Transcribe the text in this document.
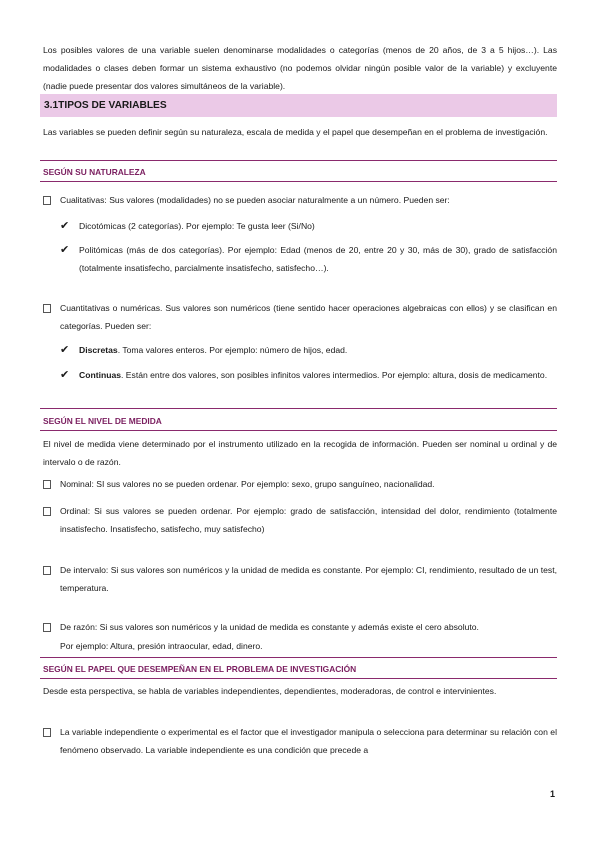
Los posibles valores de una variable suelen denominarse modalidades o categorías (menos de 20 años, de 3 a 5 hijos…). Las modalidades o clases deben formar un sistema exhaustivo (no podemos olvidar ningún posible valor de la variable) y excluyente (nadie puede presentar dos valores simultáneos de la variable).
3.1TIPOS DE VARIABLES
Las variables se pueden definir según su naturaleza, escala de medida y el papel que desempeñan en el problema de investigación.
SEGÚN SU NATURALEZA
Cualitativas: Sus valores (modalidades) no se pueden asociar naturalmente a un número. Pueden ser:
✔ Dicotómicas (2 categorías). Por ejemplo: Te gusta leer (Si/No)
✔ Politómicas (más de dos categorías). Por ejemplo: Edad (menos de 20, entre 20 y 30, más de 30), grado de satisfacción (totalmente insatisfecho, parcialmente insatisfecho, satisfecho…).
Cuantitativas o numéricas. Sus valores son numéricos (tiene sentido hacer operaciones algebraicas con ellos) y se clasifican en categorías. Pueden ser:
✔ Discretas. Toma valores enteros. Por ejemplo: número de hijos, edad.
✔ Continuas. Están entre dos valores, son posibles infinitos valores intermedios. Por ejemplo: altura, dosis de medicamento.
SEGÚN EL NIVEL DE MEDIDA
El nivel de medida viene determinado por el instrumento utilizado en la recogida de información. Pueden ser nominal u ordinal y de intervalo o de razón.
Nominal: SI sus valores no se pueden ordenar. Por ejemplo: sexo, grupo sanguíneo, nacionalidad.
Ordinal: Si sus valores se pueden ordenar. Por ejemplo: grado de satisfacción, intensidad del dolor, rendimiento (totalmente insatisfecho. Insatisfecho, satisfecho, muy satisfecho)
De intervalo: Si sus valores son numéricos y la unidad de medida es constante. Por ejemplo: CI, rendimiento, resultado de un test, temperatura.
De razón: Si sus valores son numéricos y la unidad de medida es constante y además existe el cero absoluto.
Por ejemplo: Altura, presión intraocular, edad, dinero.
SEGÚN EL PAPEL QUE DESEMPEÑAN EN EL PROBLEMA DE INVESTIGACIÓN
Desde esta perspectiva, se habla de variables independientes, dependientes, moderadoras, de control e intervinientes.
La variable independiente o experimental es el factor que el investigador manipula o selecciona para determinar su relación con el fenómeno observado. La variable independiente es una condición que precede a
1
